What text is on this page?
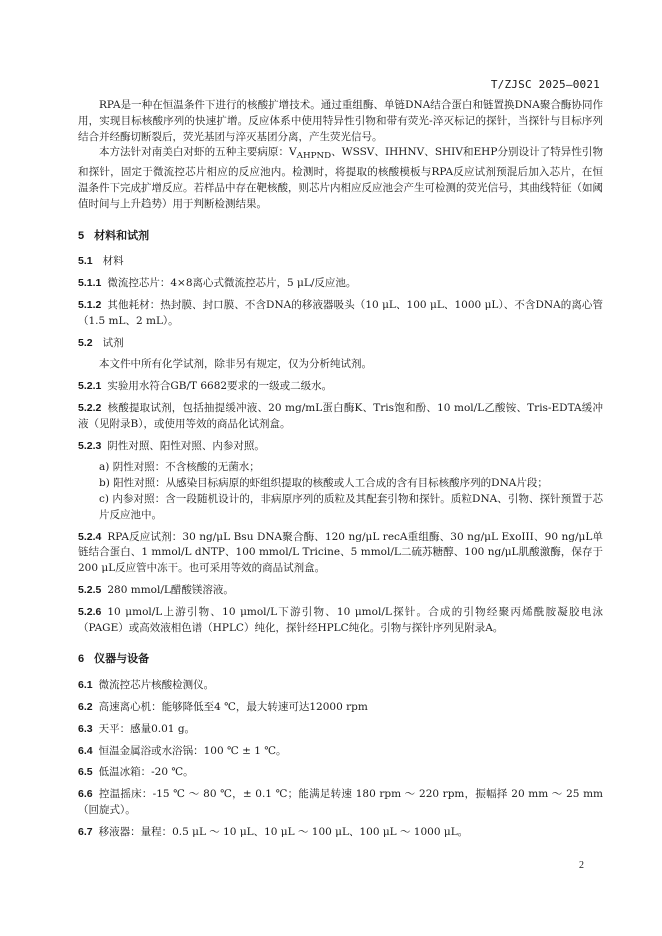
T/ZJSC 2025—0021

RPA是一种在恒温条件下进行的核酸扩增技术。通过重组酶、单链DNA结合蛋白和链置换DNA聚合酶协同作用，实现目标核酸序列的快速扩增。反应体系中使用特异性引物和带有荧光-淬灭标记的探针，当探针与目标序列结合并经酶切断裂后，荧光基团与淬灭基团分离，产生荧光信号。

本方法针对南美白对虾的五种主要病原：$V_{AHPND}$、WSSV、IHHNV、SHIV和EHP分别设计了特异性引物和探针，固定于微流控芯片相应的反应池内。检测时，将提取的核酸模板与RPA反应试剂预混后加入芯片，在恒温条件下完成扩增反应。若样品中存在靶核酸，则芯片内相应反应池会产生可检测的荧光信号，其曲线特征（如阈值时间与上升趋势）用于判断检测结果。

5 材料和试剂

5.1 材料

5.1.1 微流控芯片：4×8离心式微流控芯片，5 μL/反应池。

5.1.2 其他耗材：热封膜、封口膜、不含DNA的移液器吸头（10 μL、100 μL、1000 μL）、不含DNA的离心管（1.5 mL、2 mL）。

5.2 试剂

本文件中所有化学试剂，除非另有规定，仅为分析纯试剂。

5.2.1 实验用水符合GB/T 6682要求的一级或二级水。

5.2.2 核酸提取试剂，包括抽提缓冲液、20 mg/mL蛋白酶K、Tris饱和酚、10 mol/L乙酸铵、Tris-EDTA缓冲液（见附录B），或使用等效的商品化试剂盒。

5.2.3 阴性对照、阳性对照、内参对照。

a) 阴性对照：不含核酸的无菌水；

b) 阳性对照：从感染目标病原的虾组织提取的核酸或人工合成的含有目标核酸序列的DNA片段；

c) 内参对照：含一段随机设计的，非病原序列的质粒及其配套引物和探针。质粒DNA、引物、探针预置于芯片反应池中。

5.2.4 RPA反应试剂：30 ng/μL Bsu DNA聚合酶、120 ng/μL recA重组酶、30 ng/μL ExoIII、90 ng/μL单链结合蛋白、1 mmol/L dNTP、100 mmol/L Tricine、5 mmol/L二硫苏糖醇、100 ng/μL肌酸激酶，保存于200 μL反应管中冻干。也可采用等效的商品试剂盒。

5.2.5 280 mmol/L醋酸镁溶液。

5.2.6 10 μmol/L上游引物、10 μmol/L下游引物、10 μmol/L探针。合成的引物经聚丙烯酰胺凝胶电泳（PAGE）或高效液相色谱（HPLC）纯化，探针经HPLC纯化。引物与探针序列见附录A。

6 仪器与设备

6.1 微流控芯片核酸检测仪。

6.2 高速离心机：能够降低至4 ℃，最大转速可达12000 rpm

6.3 天平：感量0.01 g。

6.4 恒温金属浴或水浴锅：100 ℃ ± 1 ℃。

6.5 低温冰箱：-20 ℃。

6.6 控温摇床：-15 ℃ ～ 80 ℃，± 0.1 ℃；能满足转速 180 rpm ～ 220 rpm，振幅择 20 mm ～ 25 mm（回旋式）。

6.7 移液器：量程：0.5 μL ～ 10 μL、10 μL ～ 100 μL、100 μL ～ 1000 μL。

2
